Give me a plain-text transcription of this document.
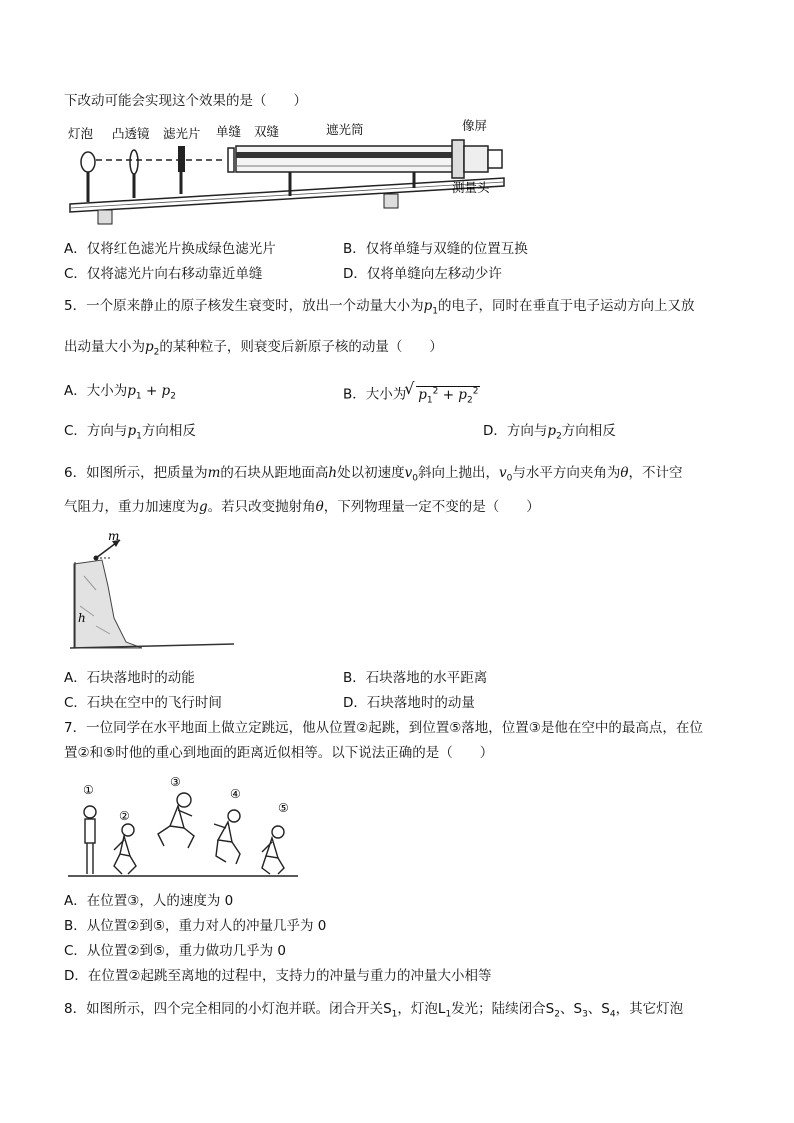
下改动可能会实现这个效果的是（　　）
灯泡 凸透镜 滤光片 单缝 双缝	遮光筒	像屏
测量头
A．仅将红色滤光片换成绿色滤光片	B．仅将单缝与双缝的位置互换
C．仅将滤光片向右移动靠近单缝	D．仅将单缝向左移动少许
5．一个原来静止的原子核发生衰变时，放出一个动量大小为$p_1$的电子，同时在垂直于电子运动方向上又放
出动量大小为$p_2$的某种粒子，则衰变后新原子核的动量（　　）
A．大小为$p_1 + p_2$	B．大小为√ $p_1^2 + p_2^2$
C．方向与$p_1$方向相反	D．方向与$p_2$方向相反
6．如图所示，把质量为m的石块从距地面高h处以初速度$v_0$斜向上抛出，$v_0$与水平方向夹角为θ，不计空
气阻力，重力加速度为g。若只改变抛射角θ，下列物理量一定不变的是（　　）
h
m
A．石块落地时的动能	B．石块落地的水平距离
C．石块在空中的飞行时间	D．石块落地时的动量
7．一位同学在水平地面上做立定跳远，他从位置②起跳，到位置⑤落地，位置③是他在空中的最高点，在位
置②和⑤时他的重心到地面的距离近似相等。以下说法正确的是（　　）
①
②
③
④
⑤
A．在位置③，人的速度为 0
B．从位置②到⑤，重力对人的冲量几乎为 0
C．从位置②到⑤，重力做功几乎为 0
D．在位置②起跳至离地的过程中，支持力的冲量与重力的冲量大小相等
8．如图所示，四个完全相同的小灯泡并联。闭合开关$S_1$，灯泡$L_1$发光；陆续闭合$S_2$、$S_3$、$S_4$，其它灯泡
